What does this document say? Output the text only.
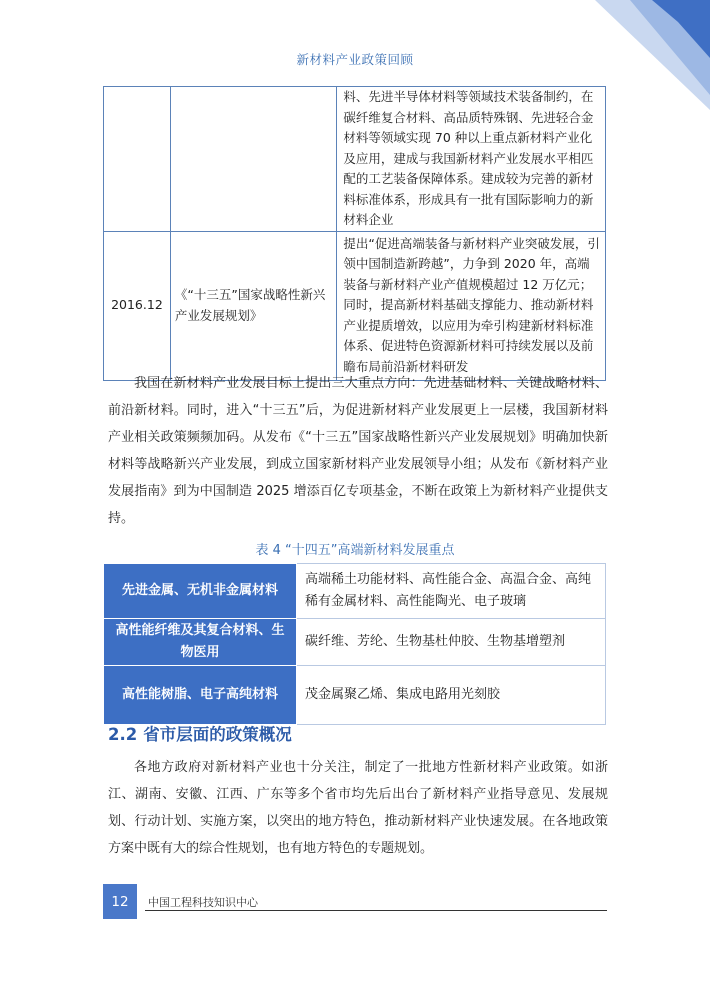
新材料产业政策回顾
		料、先进半导体材料等领域技术装备制约，在碳纤维复合材料、高品质特殊钢、先进轻合金材料等领域实现 70 种以上重点新材料产业化及应用，建成与我国新材料产业发展水平相匹配的工艺装备保障体系。建成较为完善的新材料标准体系，形成具有一批有国际影响力的新材料企业
2016.12	《“十三五”国家战略性新兴产业发展规划》	提出“促进高端装备与新材料产业突破发展，引领中国制造新跨越”，力争到 2020 年，高端装备与新材料产业产值规模超过 12 万亿元；同时，提高新材料基础支撑能力、推动新材料产业提质增效，以应用为牵引构建新材料标准体系、促进特色资源新材料可持续发展以及前瞻布局前沿新材料研发
我国在新材料产业发展目标上提出三大重点方向：先进基础材料、关键战略材料、前沿新材料。同时，进入“十三五”后，为促进新材料产业发展更上一层楼，我国新材料产业相关政策频频加码。从发布《“十三五”国家战略性新兴产业发展规划》明确加快新材料等战略新兴产业发展，到成立国家新材料产业发展领导小组；从发布《新材料产业发展指南》到为中国制造 2025 增添百亿专项基金，不断在政策上为新材料产业提供支持。
表 4 “十四五”高端新材料发展重点
先进金属、无机非金属材料	高端稀土功能材料、高性能合金、高温合金、高纯稀有金属材料、高性能陶光、电子玻璃
高性能纤维及其复合材料、生物医用	碳纤维、芳纶、生物基杜仲胶、生物基增塑剂
高性能树脂、电子高纯材料	茂金属聚乙烯、集成电路用光刻胶
2.2 省市层面的政策概况
各地方政府对新材料产业也十分关注，制定了一批地方性新材料产业政策。如浙江、湖南、安徽、江西、广东等多个省市均先后出台了新材料产业指导意见、发展规划、行动计划、实施方案，以突出的地方特色，推动新材料产业快速发展。在各地政策方案中既有大的综合性规划，也有地方特色的专题规划。
12	中国工程科技知识中心
